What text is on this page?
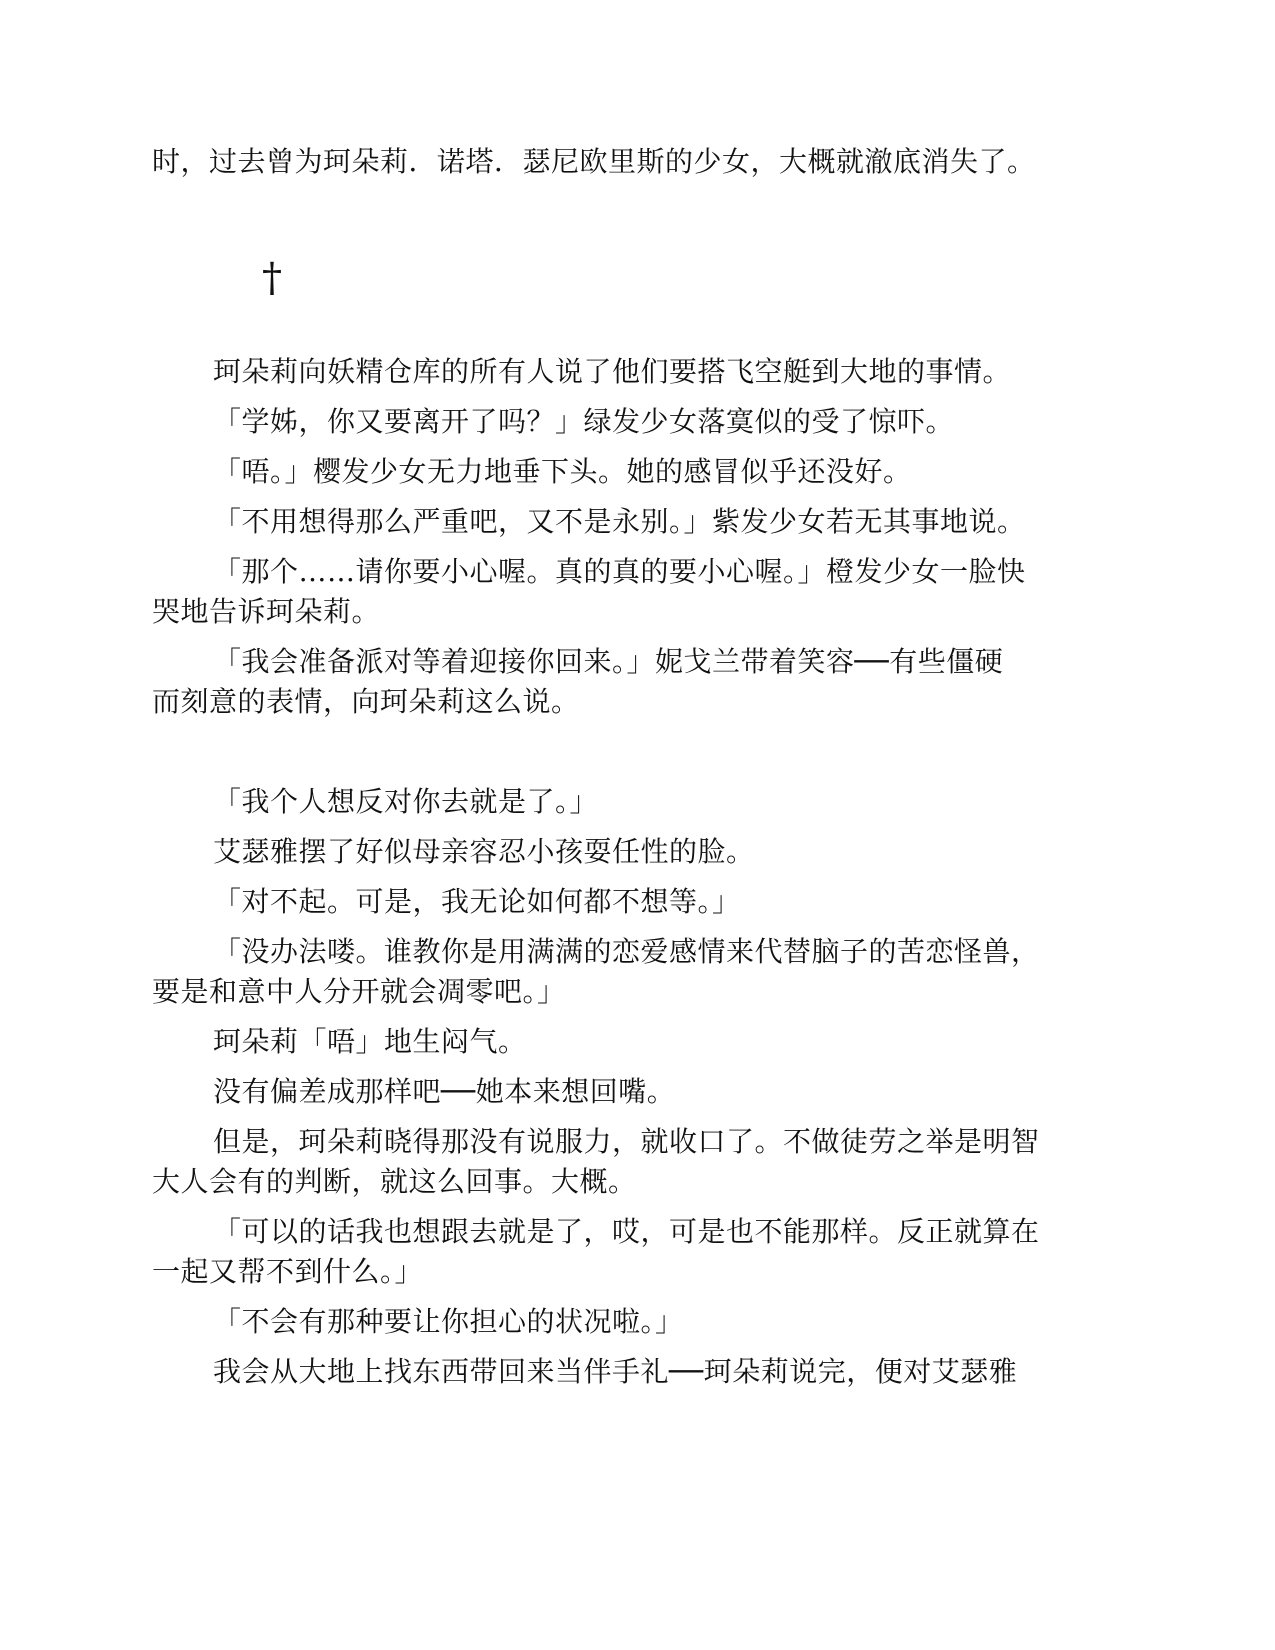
时，过去曾为珂朵莉．诺塔．瑟尼欧里斯的少女，大概就澈底消失了。
†
珂朵莉向妖精仓库的所有人说了他们要搭飞空艇到大地的事情。
「学姊，你又要离开了吗？」绿发少女落寞似的受了惊吓。
「唔。」樱发少女无力地垂下头。她的感冒似乎还没好。
「不用想得那么严重吧，又不是永别。」紫发少女若无其事地说。
「那个……请你要小心喔。真的真的要小心喔。」橙发少女一脸快
哭地告诉珂朵莉。
「我会准备派对等着迎接你回来。」妮戈兰带着笑容──有些僵硬
而刻意的表情，向珂朵莉这么说。
「我个人想反对你去就是了。」
艾瑟雅摆了好似母亲容忍小孩耍任性的脸。
「对不起。可是，我无论如何都不想等。」
「没办法喽。谁教你是用满满的恋爱感情来代替脑子的苦恋怪兽，
要是和意中人分开就会凋零吧。」
珂朵莉「唔」地生闷气。
没有偏差成那样吧──她本来想回嘴。
但是，珂朵莉晓得那没有说服力，就收口了。不做徒劳之举是明智
大人会有的判断，就这么回事。大概。
「可以的话我也想跟去就是了，哎，可是也不能那样。反正就算在
一起又帮不到什么。」
「不会有那种要让你担心的状况啦。」
我会从大地上找东西带回来当伴手礼──珂朵莉说完，便对艾瑟雅
